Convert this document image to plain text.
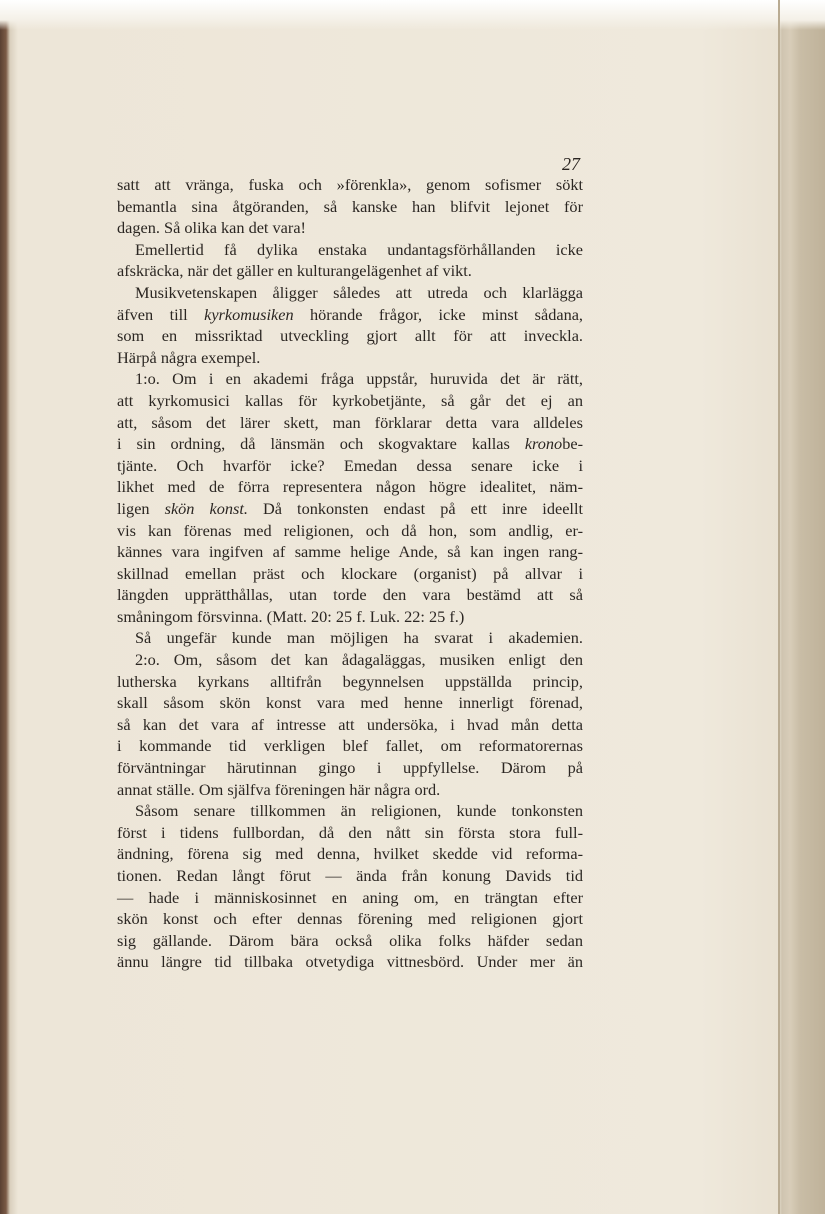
27
satt att vränga, fuska och »förenkla», genom sofismer sökt
bemantla sina åtgöranden, så kanske han blifvit lejonet för
dagen. Så olika kan det vara!
Emellertid få dylika enstaka undantagsförhållanden icke
afskräcka, när det gäller en kulturangelägenhet af vikt.
Musikvetenskapen åligger således att utreda och klarlägga
äfven till kyrkomusiken hörande frågor, icke minst sådana,
som en missriktad utveckling gjort allt för att inveckla.
Härpå några exempel.
1:o. Om i en akademi fråga uppstår, huruvida det är rätt,
att kyrkomusici kallas för kyrkobetjänte, så går det ej an
att, såsom det lärer skett, man förklarar detta vara alldeles
i sin ordning, då länsmän och skogvaktare kallas kronobe-
tjänte. Och hvarför icke? Emedan dessa senare icke i
likhet med de förra representera någon högre idealitet, näm-
ligen skön konst. Då tonkonsten endast på ett inre ideellt
vis kan förenas med religionen, och då hon, som andlig, er-
kännes vara ingifven af samme helige Ande, så kan ingen rang-
skillnad emellan präst och klockare (organist) på allvar i
längden upprätthållas, utan torde den vara bestämd att så
småningom försvinna. (Matt. 20: 25 f. Luk. 22: 25 f.)
Så ungefär kunde man möjligen ha svarat i akademien.
2:o. Om, såsom det kan ådagaläggas, musiken enligt den
lutherska kyrkans alltifrån begynnelsen uppställda princip,
skall såsom skön konst vara med henne innerligt förenad,
så kan det vara af intresse att undersöka, i hvad mån detta
i kommande tid verkligen blef fallet, om reformatorernas
förväntningar härutinnan gingo i uppfyllelse. Därom på
annat ställe. Om själfva föreningen här några ord.
Såsom senare tillkommen än religionen, kunde tonkonsten
först i tidens fullbordan, då den nått sin första stora full-
ändning, förena sig med denna, hvilket skedde vid reforma-
tionen. Redan långt förut — ända från konung Davids tid
— hade i människosinnet en aning om, en trängtan efter
skön konst och efter dennas förening med religionen gjort
sig gällande. Därom bära också olika folks häfder sedan
ännu längre tid tillbaka otvetydiga vittnesbörd. Under mer än
